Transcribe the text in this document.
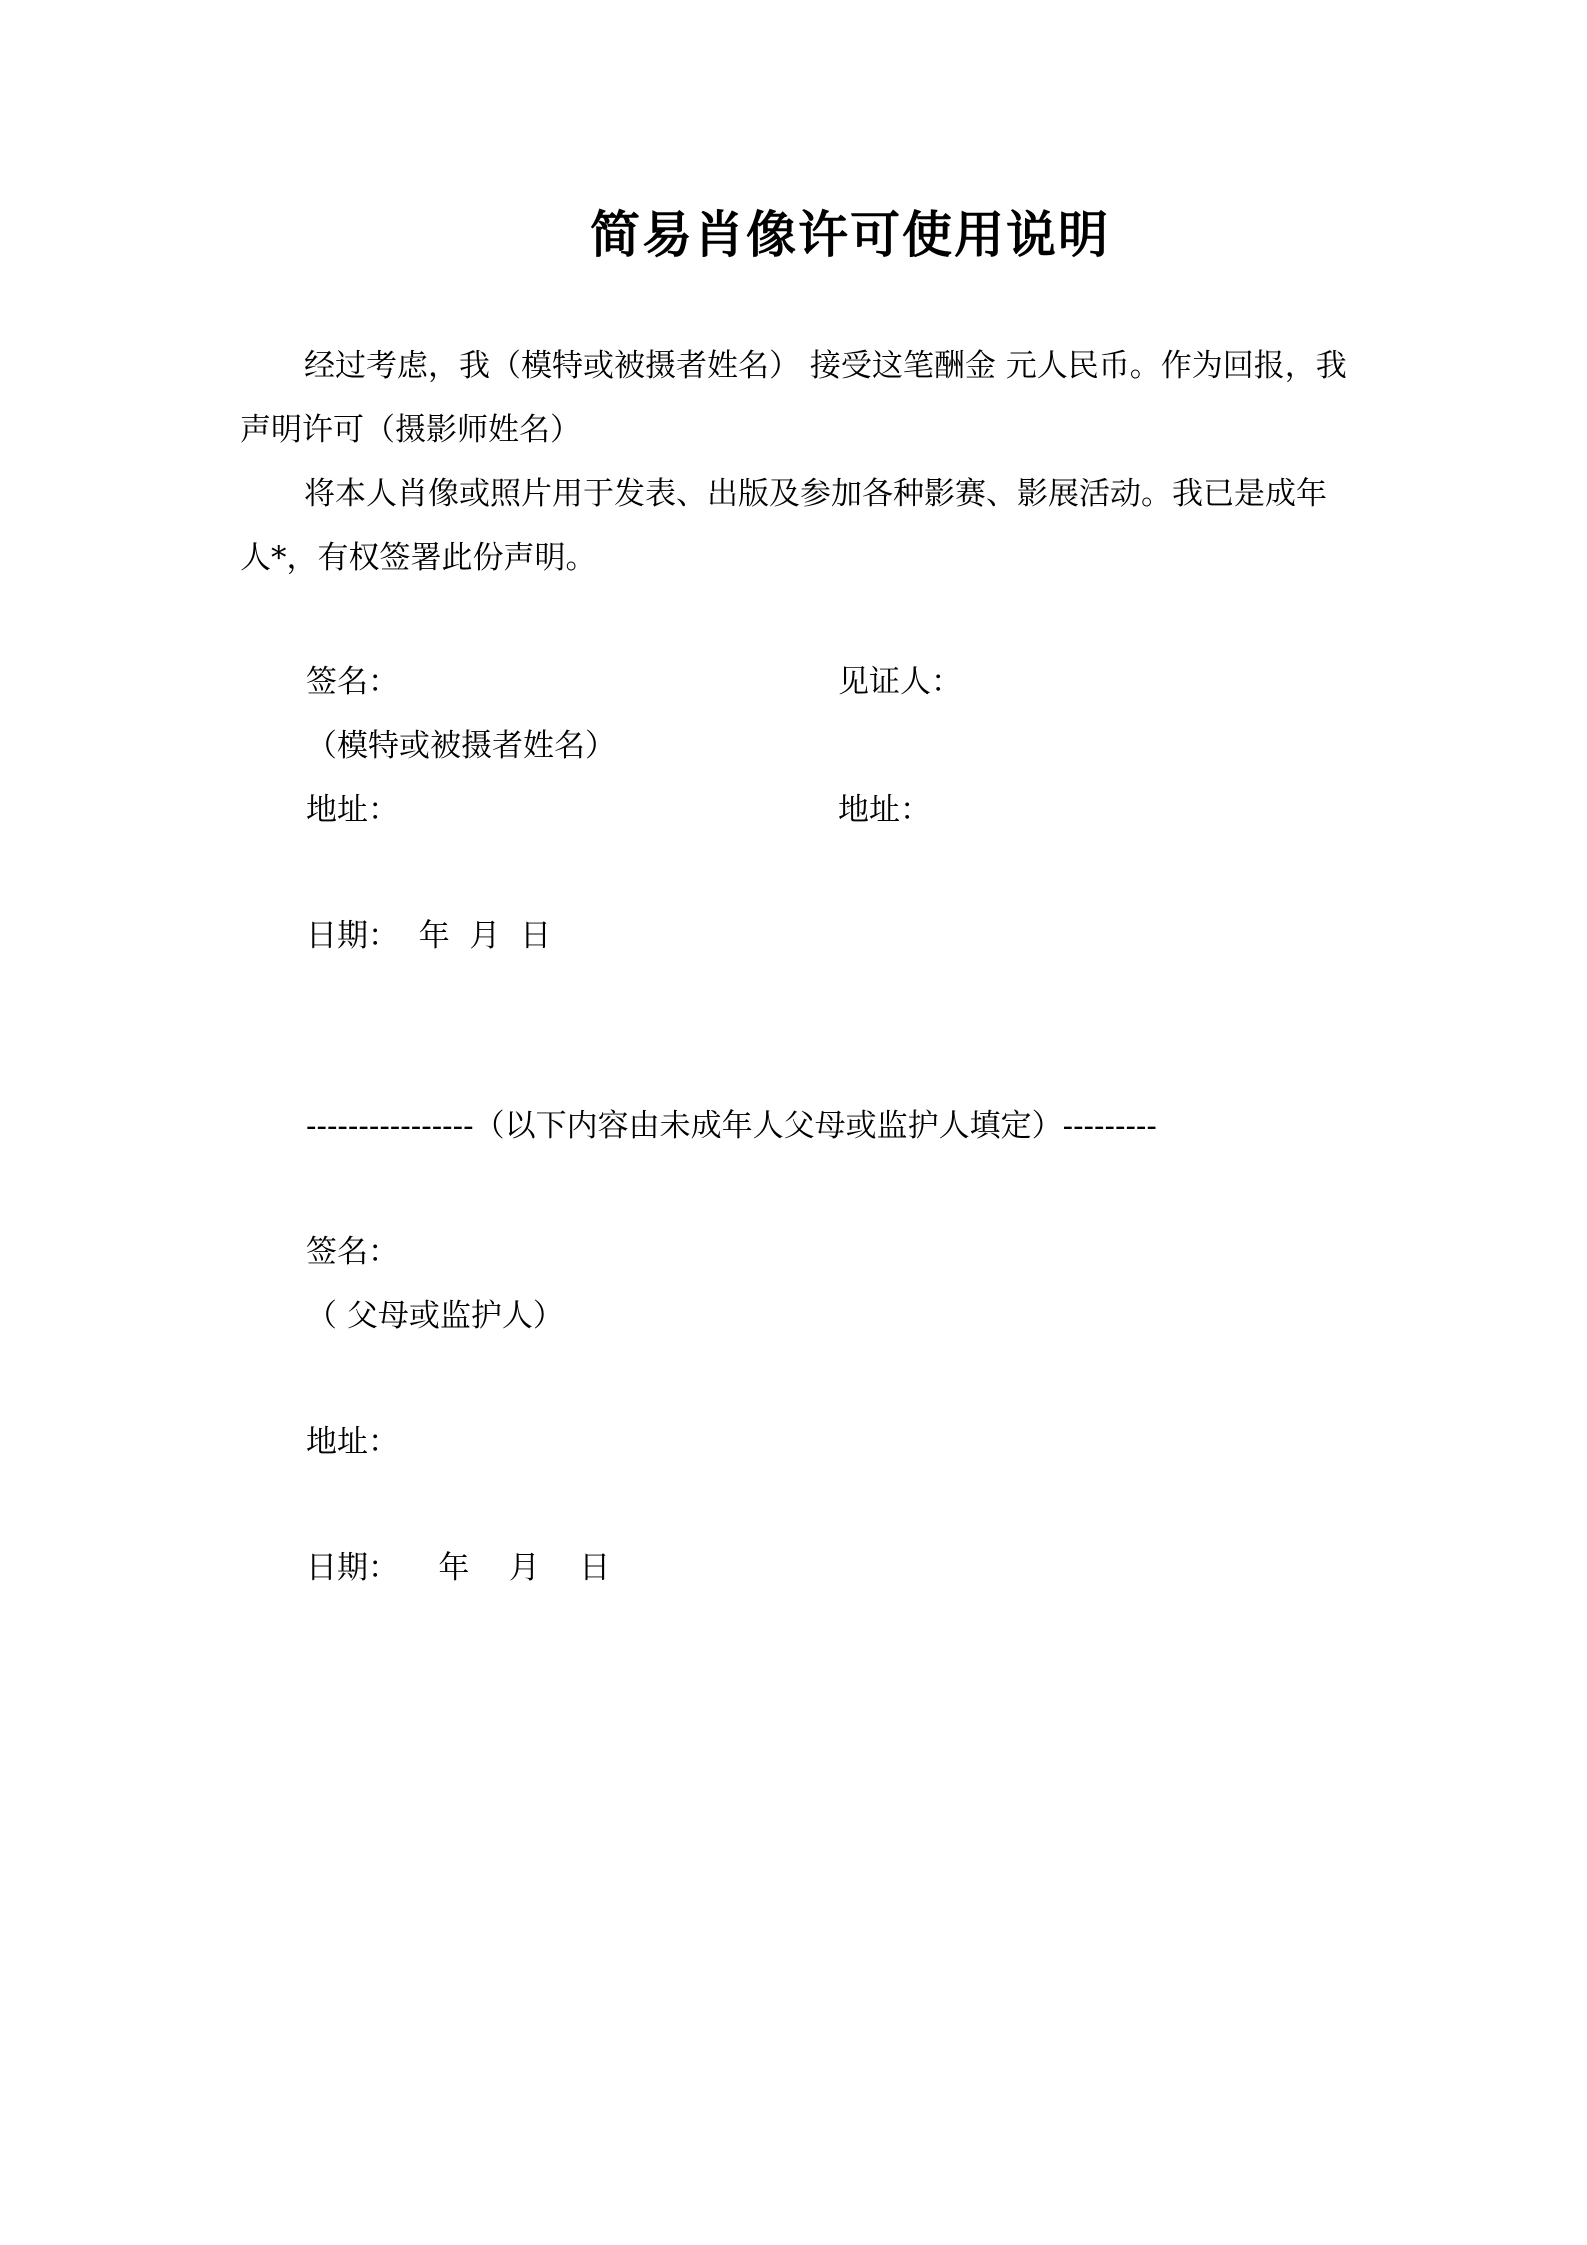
简易肖像许可使用说明

经过考虑，我（模特或被摄者姓名） 接受这笔酬金 元人民币。作为回报，我声明许可（摄影师姓名）

将本人肖像或照片用于发表、出版及参加各种影赛、影展活动。我已是成年人*，有权签署此份声明。

签名：	见证人：
（模特或被摄者姓名）
地址：	地址：
日期：  年  月  日
----------------（以下内容由未成年人父母或监护人填定）---------
签名：
（ 父母或监护人）
地址：
日期：    年    月    日
